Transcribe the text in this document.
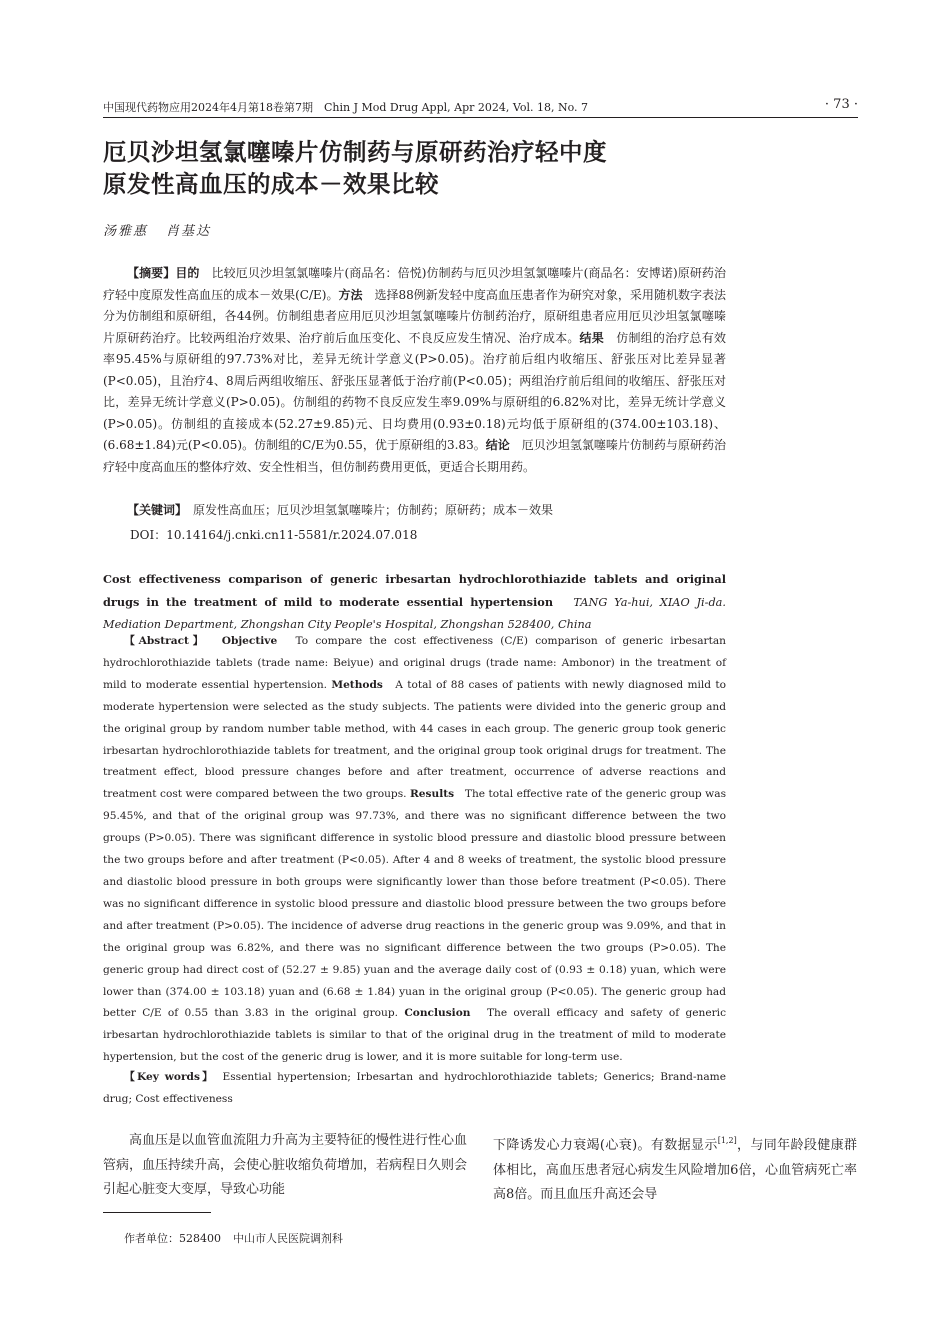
中国现代药物应用2024年4月第18卷第7期　Chin J Mod Drug Appl, Apr 2024, Vol. 18, No. 7	· 73 ·
厄贝沙坦氢氯噻嗪片仿制药与原研药治疗轻中度
原发性高血压的成本－效果比较
汤雅惠 肖基达
【摘要】目的　比较厄贝沙坦氢氯噻嗪片(商品名：倍悦)仿制药与厄贝沙坦氢氯噻嗪片(商品名：安博诺)原研药治疗轻中度原发性高血压的成本－效果(C/E)。方法　选择88例新发轻中度高血压患者作为研究对象，采用随机数字表法分为仿制组和原研组，各44例。仿制组患者应用厄贝沙坦氢氯噻嗪片仿制药治疗，原研组患者应用厄贝沙坦氢氯噻嗪片原研药治疗。比较两组治疗效果、治疗前后血压变化、不良反应发生情况、治疗成本。结果　仿制组的治疗总有效率95.45%与原研组的97.73%对比，差异无统计学意义(P>0.05)。治疗前后组内收缩压、舒张压对比差异显著(P<0.05)，且治疗4、8周后两组收缩压、舒张压显著低于治疗前(P<0.05)；两组治疗前后组间的收缩压、舒张压对比，差异无统计学意义(P>0.05)。仿制组的药物不良反应发生率9.09%与原研组的6.82%对比，差异无统计学意义(P>0.05)。仿制组的直接成本(52.27±9.85)元、日均费用(0.93±0.18)元均低于原研组的(374.00±103.18)、(6.68±1.84)元(P<0.05)。仿制组的C/E为0.55，优于原研组的3.83。结论　厄贝沙坦氢氯噻嗪片仿制药与原研药治疗轻中度高血压的整体疗效、安全性相当，但仿制药费用更低，更适合长期用药。
【关键词】　原发性高血压；厄贝沙坦氢氯噻嗪片；仿制药；原研药；成本－效果
DOI：10.14164/j.cnki.cn11-5581/r.2024.07.018
Cost effectiveness comparison of generic irbesartan hydrochlorothiazide tablets and original drugs in the treatment of mild to moderate essential hypertension TANG Ya-hui, XIAO Ji-da. Mediation Department, Zhongshan City People's Hospital, Zhongshan 528400, China
【Abstract】 Objective　To compare the cost effectiveness (C/E) comparison of generic irbesartan hydrochlorothiazide tablets (trade name: Beiyue) and original drugs (trade name: Ambonor) in the treatment of mild to moderate essential hypertension. Methods　A total of 88 cases of patients with newly diagnosed mild to moderate hypertension were selected as the study subjects. The patients were divided into the generic group and the original group by random number table method, with 44 cases in each group. The generic group took generic irbesartan hydrochlorothiazide tablets for treatment, and the original group took original drugs for treatment. The treatment effect, blood pressure changes before and after treatment, occurrence of adverse reactions and treatment cost were compared between the two groups. Results　The total effective rate of the generic group was 95.45%, and that of the original group was 97.73%, and there was no significant difference between the two groups (P>0.05). There was significant difference in systolic blood pressure and diastolic blood pressure between the two groups before and after treatment (P<0.05). After 4 and 8 weeks of treatment, the systolic blood pressure and diastolic blood pressure in both groups were significantly lower than those before treatment (P<0.05). There was no significant difference in systolic blood pressure and diastolic blood pressure between the two groups before and after treatment (P>0.05). The incidence of adverse drug reactions in the generic group was 9.09%, and that in the original group was 6.82%, and there was no significant difference between the two groups (P>0.05). The generic group had direct cost of (52.27 ± 9.85) yuan and the average daily cost of (0.93 ± 0.18) yuan, which were lower than (374.00 ± 103.18) yuan and (6.68 ± 1.84) yuan in the original group (P<0.05). The generic group had better C/E of 0.55 than 3.83 in the original group. Conclusion　The overall efficacy and safety of generic irbesartan hydrochlorothiazide tablets is similar to that of the original drug in the treatment of mild to moderate hypertension, but the cost of the generic drug is lower, and it is more suitable for long-term use.
【Key words】　Essential hypertension; Irbesartan and hydrochlorothiazide tablets; Generics; Brand-name drug; Cost effectiveness
高血压是以血管血流阻力升高为主要特征的慢性进行性心血管病，血压持续升高，会使心脏收缩负荷增加，若病程日久则会引起心脏变大变厚，导致心功能
下降诱发心力衰竭(心衰)。有数据显示[1,2]，与同年龄段健康群体相比，高血压患者冠心病发生风险增加6倍，心血管病死亡率高8倍。而且血压升高还会导
作者单位：528400 中山市人民医院调剂科
